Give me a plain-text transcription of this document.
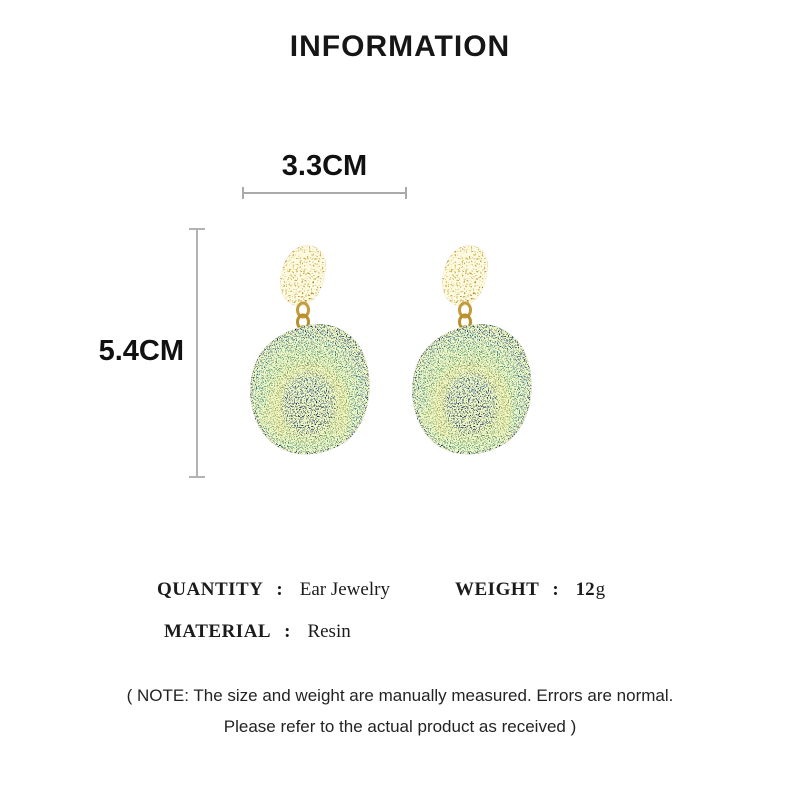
INFORMATION
3.3CM
5.4CM
QUANTITY : Ear Jewelry	WEIGHT : 12g
MATERIAL : Resin
( NOTE: The size and weight are manually measured. Errors are normal.
Please refer to the actual product as received )
